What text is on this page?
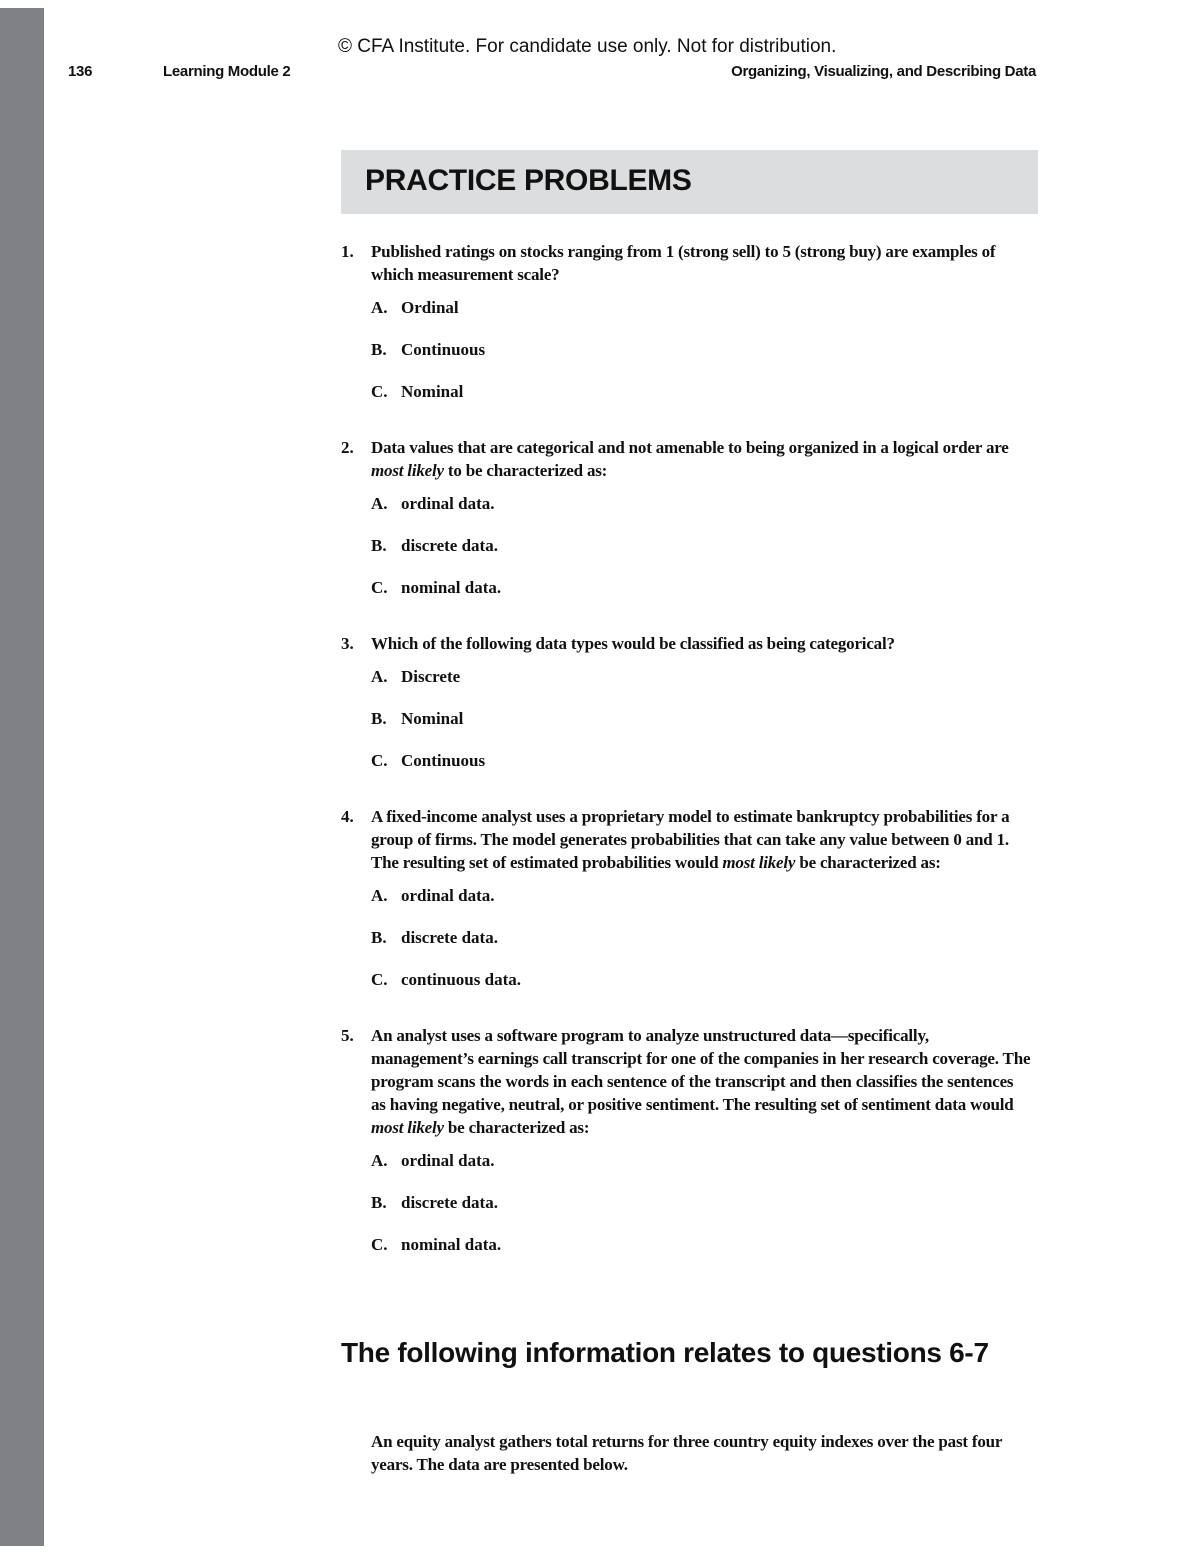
© CFA Institute. For candidate use only. Not for distribution.
136	Learning Module 2	Organizing, Visualizing, and Describing Data
PRACTICE PROBLEMS
1.	Published ratings on stocks ranging from 1 (strong sell) to 5 (strong buy) are examples of which measurement scale?
A. Ordinal
B. Continuous
C. Nominal
2.	Data values that are categorical and not amenable to being organized in a logical order are most likely to be characterized as:
A. ordinal data.
B. discrete data.
C. nominal data.
3.	Which of the following data types would be classified as being categorical?
A. Discrete
B. Nominal
C. Continuous
4.	A fixed-income analyst uses a proprietary model to estimate bankruptcy probabilities for a group of firms. The model generates probabilities that can take any value between 0 and 1. The resulting set of estimated probabilities would most likely be characterized as:
A. ordinal data.
B. discrete data.
C. continuous data.
5.	An analyst uses a software program to analyze unstructured data—specifically, management’s earnings call transcript for one of the companies in her research coverage. The program scans the words in each sentence of the transcript and then classifies the sentences as having negative, neutral, or positive sentiment. The resulting set of sentiment data would most likely be characterized as:
A. ordinal data.
B. discrete data.
C. nominal data.
The following information relates to questions 6-7
An equity analyst gathers total returns for three country equity indexes over the past four years. The data are presented below.
